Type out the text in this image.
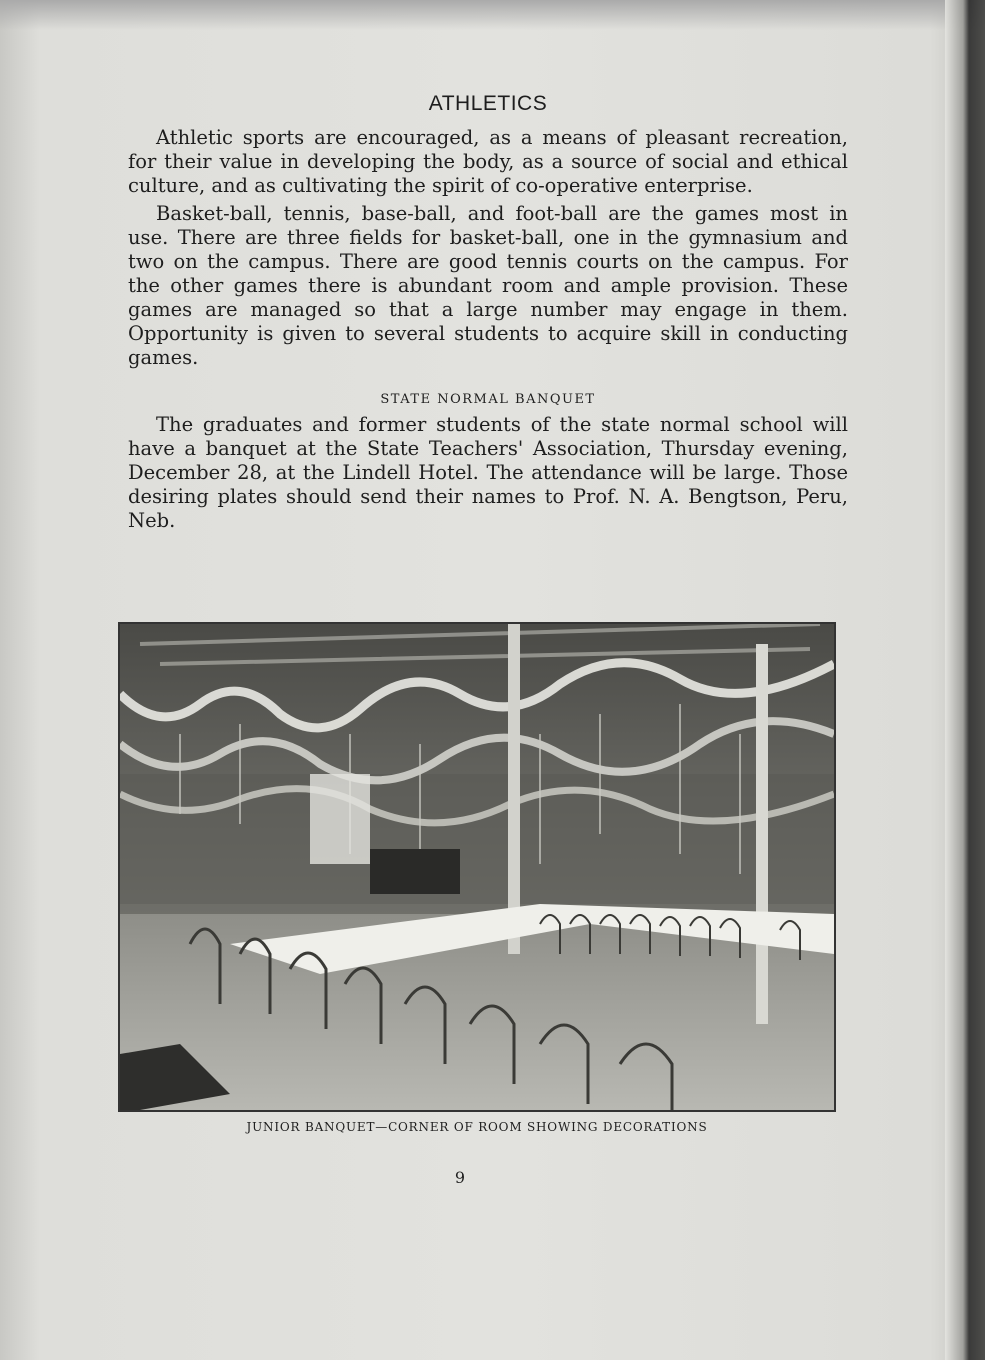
ATHLETICS

Athletic sports are encouraged, as a means of pleasant recreation, for their value in developing the body, as a source of social and ethical culture, and as cultivating the spirit of co-operative enterprise.

Basket-ball, tennis, base-ball, and foot-ball are the games most in use. There are three fields for basket-ball, one in the gymnasium and two on the campus. There are good tennis courts on the campus. For the other games there is abundant room and ample provision. These games are managed so that a large number may engage in them. Opportunity is given to several students to acquire skill in conducting games.

STATE NORMAL BANQUET

The graduates and former students of the state normal school will have a banquet at the State Teachers' Association, Thursday evening, December 28, at the Lindell Hotel. The attendance will be large. Those desiring plates should send their names to Prof. N. A. Bengtson, Peru, Neb.

JUNIOR BANQUET—CORNER OF ROOM SHOWING DECORATIONS
9
